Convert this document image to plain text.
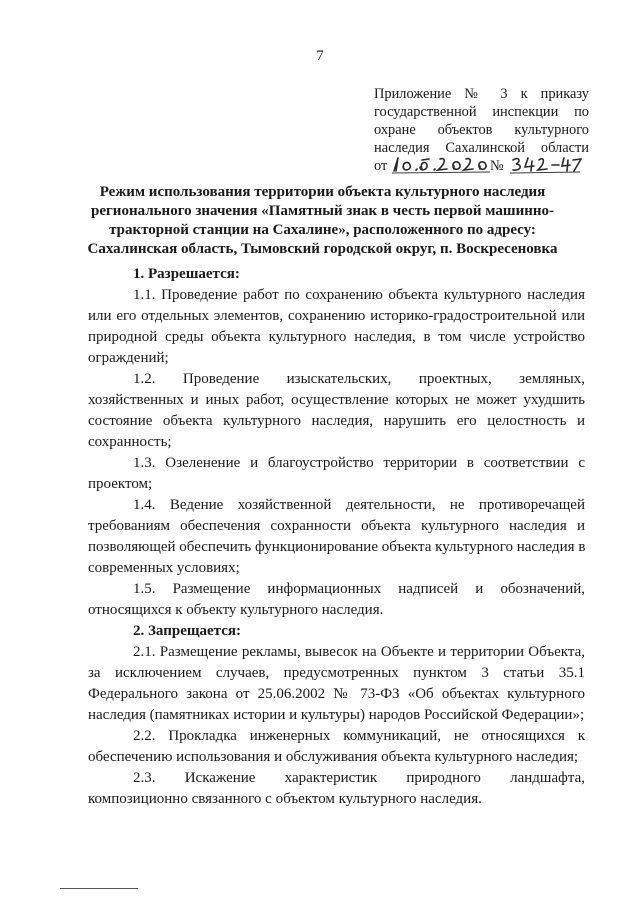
7
Приложение № 3 к приказу
государственной инспекции по
охране объектов культурного
наследия Сахалинской области
от	№
Режим использования территории объекта культурного наследия
регионального значения «Памятный знак в честь первой машинно-
тракторной станции на Сахалине», расположенного по адресу:
Сахалинская область, Тымовский городской округ, п. Воскресеновка
1. Разрешается:
1.1. Проведение работ по сохранению объекта культурного наследия
или его отдельных элементов, сохранению историко-градостроительной или
природной среды объекта культурного наследия, в том числе устройство
ограждений;
1.2. Проведение изыскательских, проектных, земляных,
хозяйственных и иных работ, осуществление которых не может ухудшить
состояние объекта культурного наследия, нарушить его целостность и
сохранность;
1.3. Озеленение и благоустройство территории в соответствии с
проектом;
1.4. Ведение хозяйственной деятельности, не противоречащей
требованиям обеспечения сохранности объекта культурного наследия и
позволяющей обеспечить функционирование объекта культурного наследия в
современных условиях;
1.5. Размещение информационных надписей и обозначений,
относящихся к объекту культурного наследия.
2. Запрещается:
2.1. Размещение рекламы, вывесок на Объекте и территории Объекта,
за исключением случаев, предусмотренных пунктом 3 статьи 35.1
Федерального закона от 25.06.2002 № 73-ФЗ «Об объектах культурного
наследия (памятниках истории и культуры) народов Российской Федерации»;
2.2. Прокладка инженерных коммуникаций, не относящихся к
обеспечению использования и обслуживания объекта культурного наследия;
2.3. Искажение характеристик природного ландшафта,
композиционно связанного с объектом культурного наследия.
